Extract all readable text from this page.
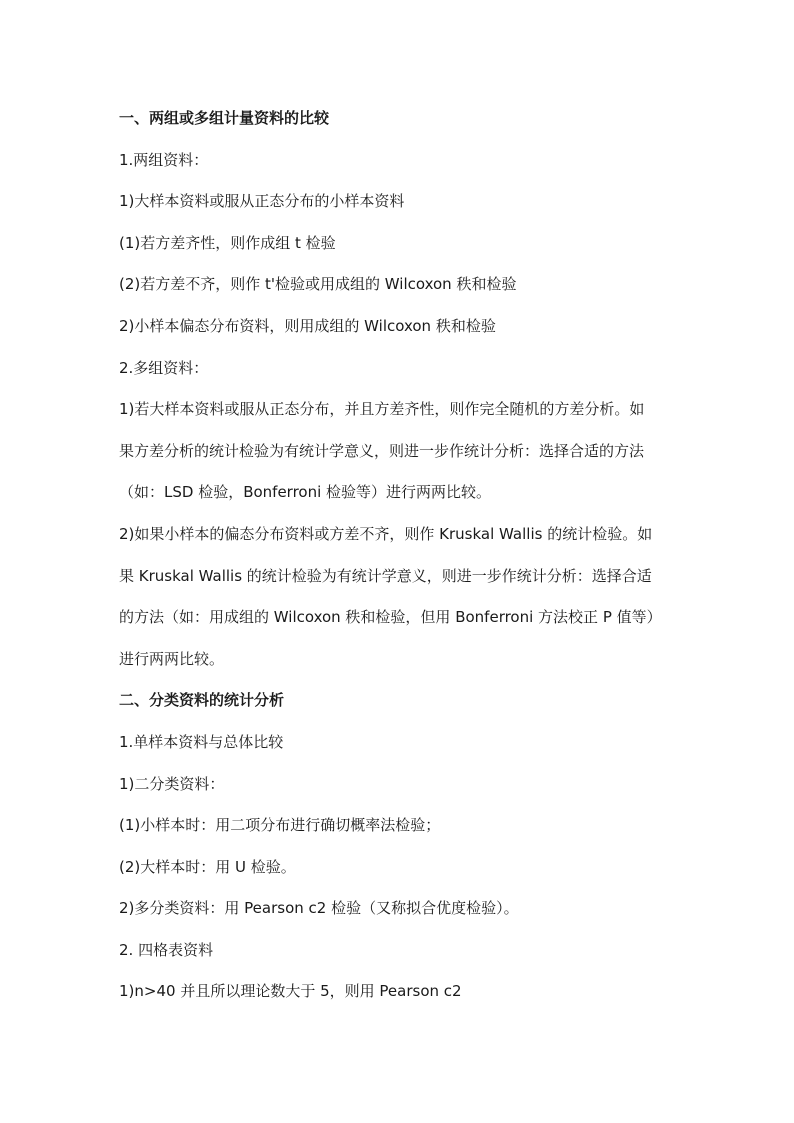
一、两组或多组计量资料的比较
1.两组资料：
1)大样本资料或服从正态分布的小样本资料
(1)若方差齐性，则作成组 t 检验
(2)若方差不齐，则作 t'检验或用成组的 Wilcoxon 秩和检验
2)小样本偏态分布资料，则用成组的 Wilcoxon 秩和检验
2.多组资料：
1)若大样本资料或服从正态分布，并且方差齐性，则作完全随机的方差分析。如
果方差分析的统计检验为有统计学意义，则进一步作统计分析：选择合适的方法
（如：LSD 检验，Bonferroni 检验等）进行两两比较。
2)如果小样本的偏态分布资料或方差不齐，则作 Kruskal Wallis 的统计检验。如
果 Kruskal Wallis 的统计检验为有统计学意义，则进一步作统计分析：选择合适
的方法（如：用成组的 Wilcoxon 秩和检验，但用 Bonferroni 方法校正 P 值等）
进行两两比较。
二、分类资料的统计分析
1.单样本资料与总体比较
1)二分类资料：
(1)小样本时：用二项分布进行确切概率法检验；
(2)大样本时：用 U 检验。
2)多分类资料：用 Pearson c2 检验（又称拟合优度检验）。
2. 四格表资料
1)n>40 并且所以理论数大于 5，则用 Pearson c2
